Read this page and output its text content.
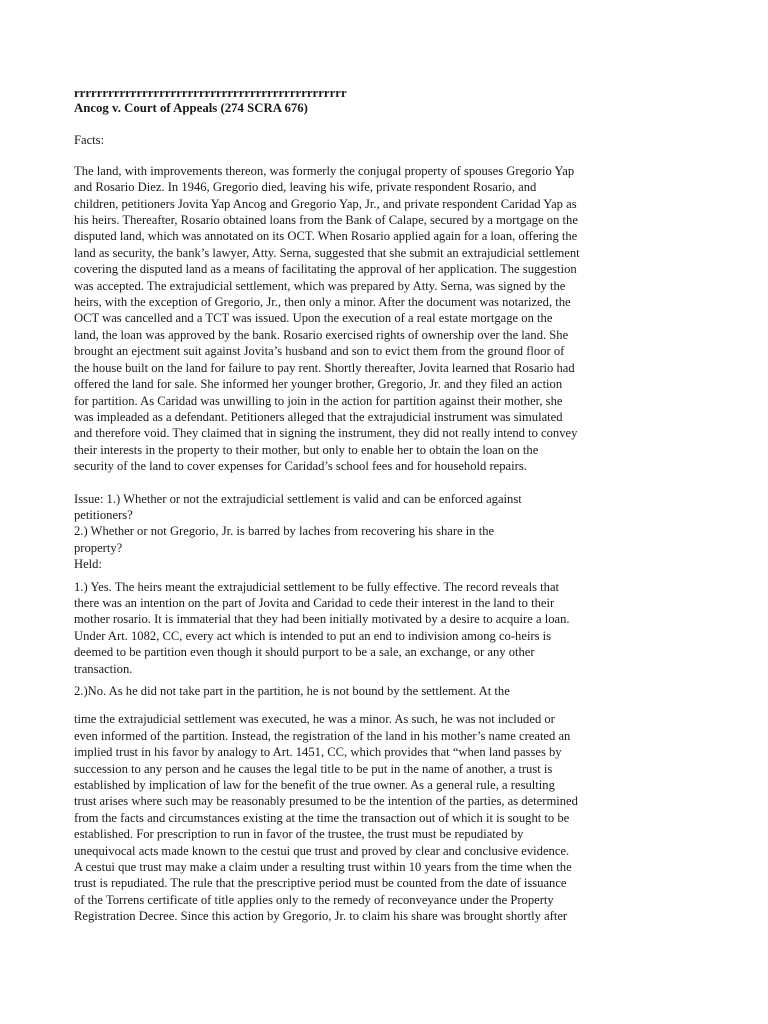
rrrrrrrrrrrrrrrrrrrrrrrrrrrrrrrrrrrrrrrrrrrrrrrr
Ancog v. Court of Appeals (274 SCRA 676)
Facts:
The land, with improvements thereon, was formerly the conjugal property of spouses Gregorio Yap
and Rosario Diez. In 1946, Gregorio died, leaving his wife, private respondent Rosario, and
children, petitioners Jovita Yap Ancog and Gregorio Yap, Jr., and private respondent Caridad Yap as
his heirs. Thereafter, Rosario obtained loans from the Bank of Calape, secured by a mortgage on the
disputed land, which was annotated on its OCT. When Rosario applied again for a loan, offering the
land as security, the bank’s lawyer, Atty. Serna, suggested that she submit an extrajudicial settlement
covering the disputed land as a means of facilitating the approval of her application. The suggestion
was accepted. The extrajudicial settlement, which was prepared by Atty. Serna, was signed by the
heirs, with the exception of Gregorio, Jr., then only a minor. After the document was notarized, the
OCT was cancelled and a TCT was issued. Upon the execution of a real estate mortgage on the
land, the loan was approved by the bank. Rosario exercised rights of ownership over the land. She
brought an ejectment suit against Jovita’s husband and son to evict them from the ground floor of
the house built on the land for failure to pay rent. Shortly thereafter, Jovita learned that Rosario had
offered the land for sale. She informed her younger brother, Gregorio, Jr. and they filed an action
for partition. As Caridad was unwilling to join in the action for partition against their mother, she
was impleaded as a defendant. Petitioners alleged that the extrajudicial instrument was simulated
and therefore void. They claimed that in signing the instrument, they did not really intend to convey
their interests in the property to their mother, but only to enable her to obtain the loan on the
security of the land to cover expenses for Caridad’s school fees and for household repairs.
Issue: 1.) Whether or not the extrajudicial settlement is valid and can be enforced against
petitioners?
2.) Whether or not Gregorio, Jr. is barred by laches from recovering his share in the
property?
Held:
1.) Yes. The heirs meant the extrajudicial settlement to be fully effective. The record reveals that
there was an intention on the part of Jovita and Caridad to cede their interest in the land to their
mother rosario. It is immaterial that they had been initially motivated by a desire to acquire a loan.
Under Art. 1082, CC, every act which is intended to put an end to indivision among co-heirs is
deemed to be partition even though it should purport to be a sale, an exchange, or any other
transaction.
2.)No. As he did not take part in the partition, he is not bound by the settlement. At the
time the extrajudicial settlement was executed, he was a minor. As such, he was not included or
even informed of the partition. Instead, the registration of the land in his mother’s name created an
implied trust in his favor by analogy to Art. 1451, CC, which provides that “when land passes by
succession to any person and he causes the legal title to be put in the name of another, a trust is
established by implication of law for the benefit of the true owner. As a general rule, a resulting
trust arises where such may be reasonably presumed to be the intention of the parties, as determined
from the facts and circumstances existing at the time the transaction out of which it is sought to be
established. For prescription to run in favor of the trustee, the trust must be repudiated by
unequivocal acts made known to the cestui que trust and proved by clear and conclusive evidence.
A cestui que trust may make a claim under a resulting trust within 10 years from the time when the
trust is repudiated. The rule that the prescriptive period must be counted from the date of issuance
of the Torrens certificate of title applies only to the remedy of reconveyance under the Property
Registration Decree. Since this action by Gregorio, Jr. to claim his share was brought shortly after
